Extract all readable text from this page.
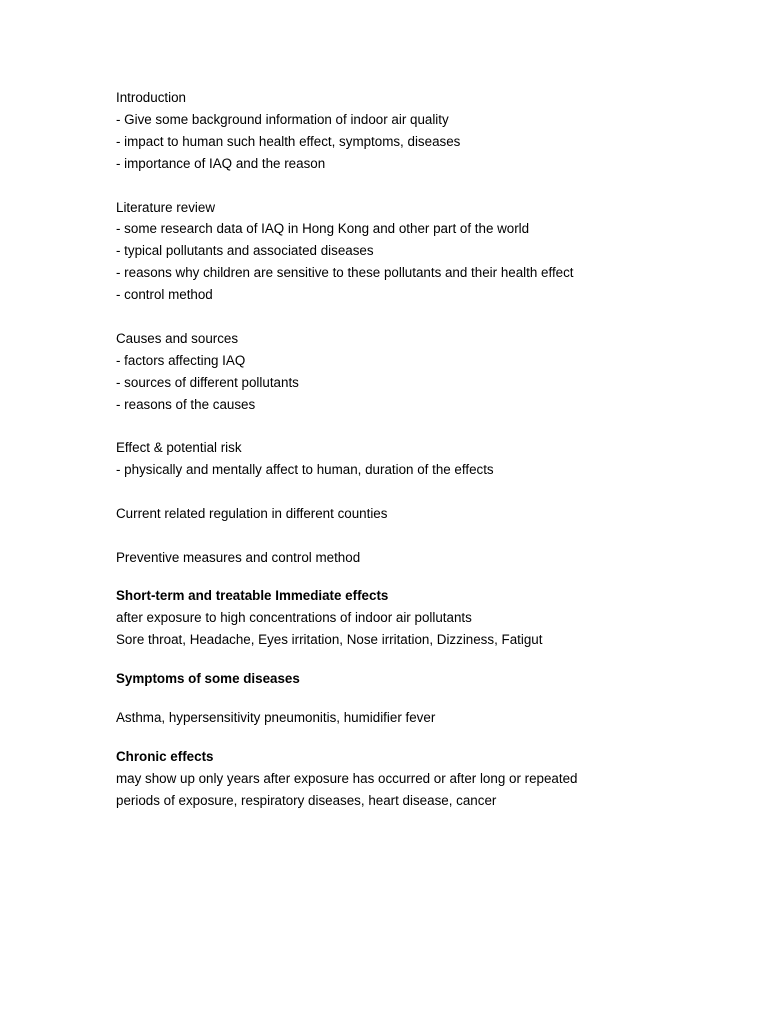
Introduction
- Give some background information of indoor air quality
- impact to human such health effect, symptoms, diseases
- importance of IAQ and the reason
Literature review
- some research data of IAQ in Hong Kong and other part of the world
- typical pollutants and associated diseases
- reasons why children are sensitive to these pollutants and their health effect
- control method
Causes and sources
- factors affecting IAQ
- sources of different pollutants
- reasons of the causes
Effect & potential risk
- physically and mentally affect to human, duration of the effects
Current related regulation in different counties
Preventive measures and control method
Short-term and treatable Immediate effects
after exposure to high concentrations of indoor air pollutants
Sore throat, Headache, Eyes irritation, Nose irritation, Dizziness, Fatigut
Symptoms of some diseases
Asthma, hypersensitivity pneumonitis, humidifier fever
Chronic effects
may show up only years after exposure has occurred or after long or repeated
periods of exposure, respiratory diseases, heart disease, cancer
